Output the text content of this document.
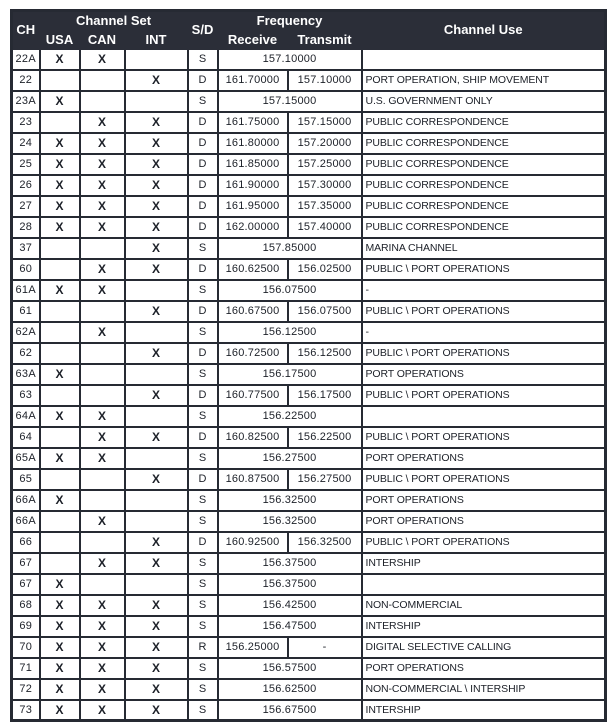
CH	Channel Set			S/D	Frequency		Channel Use
	USA	CAN	INT		Receive	Transmit	
22A	X	X		S	157.10000		
22			X	D	161.70000	157.10000	PORT OPERATION, SHIP MOVEMENT
23A	X			S	157.15000		U.S. GOVERNMENT ONLY
23		X	X	D	161.75000	157.15000	PUBLIC CORRESPONDENCE
24	X	X	X	D	161.80000	157.20000	PUBLIC CORRESPONDENCE
25	X	X	X	D	161.85000	157.25000	PUBLIC CORRESPONDENCE
26	X	X	X	D	161.90000	157.30000	PUBLIC CORRESPONDENCE
27	X	X	X	D	161.95000	157.35000	PUBLIC CORRESPONDENCE
28	X	X	X	D	162.00000	157.40000	PUBLIC CORRESPONDENCE
37			X	S	157.85000		MARINA CHANNEL
60		X	X	D	160.62500	156.02500	PUBLIC \ PORT OPERATIONS
61A	X	X		S	156.07500		-
61			X	D	160.67500	156.07500	PUBLIC \ PORT OPERATIONS
62A		X		S	156.12500		-
62			X	D	160.72500	156.12500	PUBLIC \ PORT OPERATIONS
63A	X			S	156.17500		PORT OPERATIONS
63			X	D	160.77500	156.17500	PUBLIC \ PORT OPERATIONS
64A	X	X		S	156.22500		
64		X	X	D	160.82500	156.22500	PUBLIC \ PORT OPERATIONS
65A	X	X		S	156.27500		PORT OPERATIONS
65			X	D	160.87500	156.27500	PUBLIC \ PORT OPERATIONS
66A	X			S	156.32500		PORT OPERATIONS
66A		X		S	156.32500		PORT OPERATIONS
66			X	D	160.92500	156.32500	PUBLIC \ PORT OPERATIONS
67		X	X	S	156.37500		INTERSHIP
67	X			S	156.37500		
68	X	X	X	S	156.42500		NON-COMMERCIAL
69	X	X	X	S	156.47500		INTERSHIP
70	X	X	X	R	156.25000	-	DIGITAL SELECTIVE CALLING
71	X	X	X	S	156.57500		PORT OPERATIONS
72	X	X	X	S	156.62500		NON-COMMERCIAL \ INTERSHIP
73	X	X	X	S	156.67500		INTERSHIP
